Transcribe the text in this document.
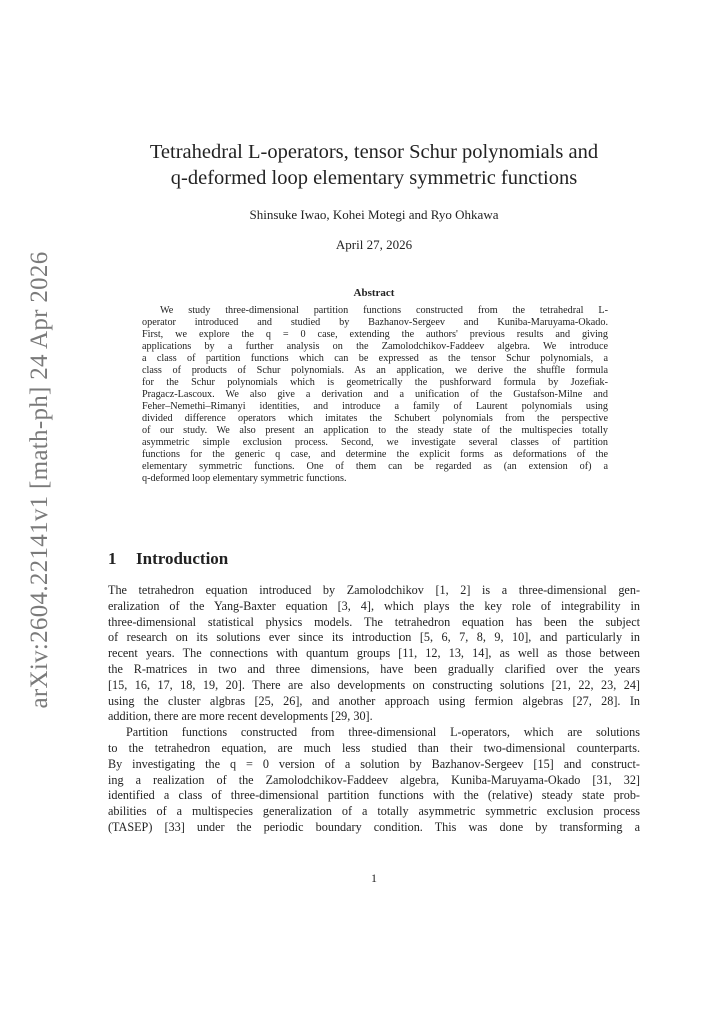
arXiv:2604.22141v1 [math-ph] 24 Apr 2026
Tetrahedral L-operators, tensor Schur polynomials and
q-deformed loop elementary symmetric functions
Shinsuke Iwao, Kohei Motegi and Ryo Ohkawa
April 27, 2026
Abstract
We study three-dimensional partition functions constructed from the tetrahedral L-
operator introduced and studied by Bazhanov-Sergeev and Kuniba-Maruyama-Okado.
First, we explore the q = 0 case, extending the authors' previous results and giving
applications by a further analysis on the Zamolodchikov-Faddeev algebra. We introduce
a class of partition functions which can be expressed as the tensor Schur polynomials, a
class of products of Schur polynomials. As an application, we derive the shuffle formula
for the Schur polynomials which is geometrically the pushforward formula by Jozefiak-
Pragacz-Lascoux. We also give a derivation and a unification of the Gustafson-Milne and
Feher–Nemethi–Rimanyi identities, and introduce a family of Laurent polynomials using
divided difference operators which imitates the Schubert polynomials from the perspective
of our study. We also present an application to the steady state of the multispecies totally
asymmetric simple exclusion process. Second, we investigate several classes of partition
functions for the generic q case, and determine the explicit forms as deformations of the
elementary symmetric functions. One of them can be regarded as (an extension of) a
q-deformed loop elementary symmetric functions.
1 Introduction
The tetrahedron equation introduced by Zamolodchikov [1, 2] is a three-dimensional gen-
eralization of the Yang-Baxter equation [3, 4], which plays the key role of integrability in
three-dimensional statistical physics models. The tetrahedron equation has been the subject
of research on its solutions ever since its introduction [5, 6, 7, 8, 9, 10], and particularly in
recent years. The connections with quantum groups [11, 12, 13, 14], as well as those between
the R-matrices in two and three dimensions, have been gradually clarified over the years
[15, 16, 17, 18, 19, 20]. There are also developments on constructing solutions [21, 22, 23, 24]
using the cluster algbras [25, 26], and another approach using fermion algebras [27, 28]. In
addition, there are more recent developments [29, 30].
Partition functions constructed from three-dimensional L-operators, which are solutions
to the tetrahedron equation, are much less studied than their two-dimensional counterparts.
By investigating the q = 0 version of a solution by Bazhanov-Sergeev [15] and construct-
ing a realization of the Zamolodchikov-Faddeev algebra, Kuniba-Maruyama-Okado [31, 32]
identified a class of three-dimensional partition functions with the (relative) steady state prob-
abilities of a multispecies generalization of a totally asymmetric symmetric exclusion process
(TASEP) [33] under the periodic boundary condition. This was done by transforming a
1
